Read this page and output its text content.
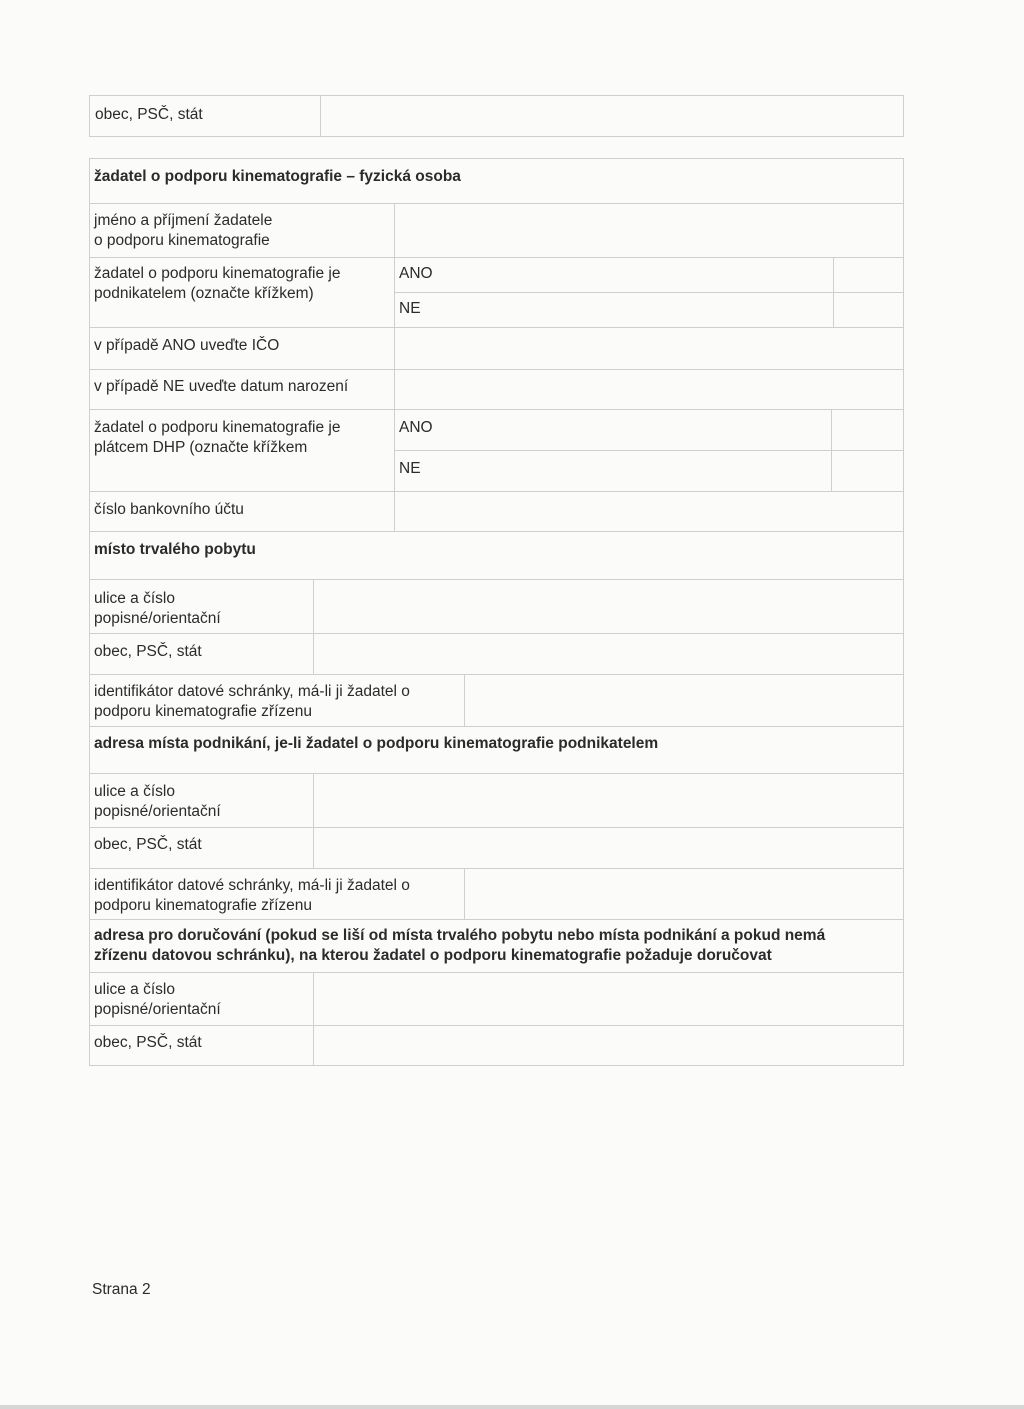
obec, PSČ, stát
žadatel o podporu kinematografie – fyzická osoba
jméno a příjmení žadatele
o podporu kinematografie
žadatel o podporu kinematografie je
podnikatelem (označte křížkem)
ANO
NE
v případě ANO uveďte IČO
v případě NE uveďte datum narození
žadatel o podporu kinematografie je
plátcem DHP (označte křížkem
ANO
NE
číslo bankovního účtu
místo trvalého pobytu
ulice a číslo
popisné/orientační
obec, PSČ, stát
identifikátor datové schránky, má-li ji žadatel o
podporu kinematografie zřízenu
adresa místa podnikání, je-li žadatel o podporu kinematografie podnikatelem
ulice a číslo
popisné/orientační
obec, PSČ, stát
identifikátor datové schránky, má-li ji žadatel o
podporu kinematografie zřízenu
adresa pro doručování (pokud se liší od místa trvalého pobytu nebo místa podnikání a pokud nemá
zřízenu datovou schránku), na kterou žadatel o podporu kinematografie požaduje doručovat
ulice a číslo
popisné/orientační
obec, PSČ, stát
Strana 2
